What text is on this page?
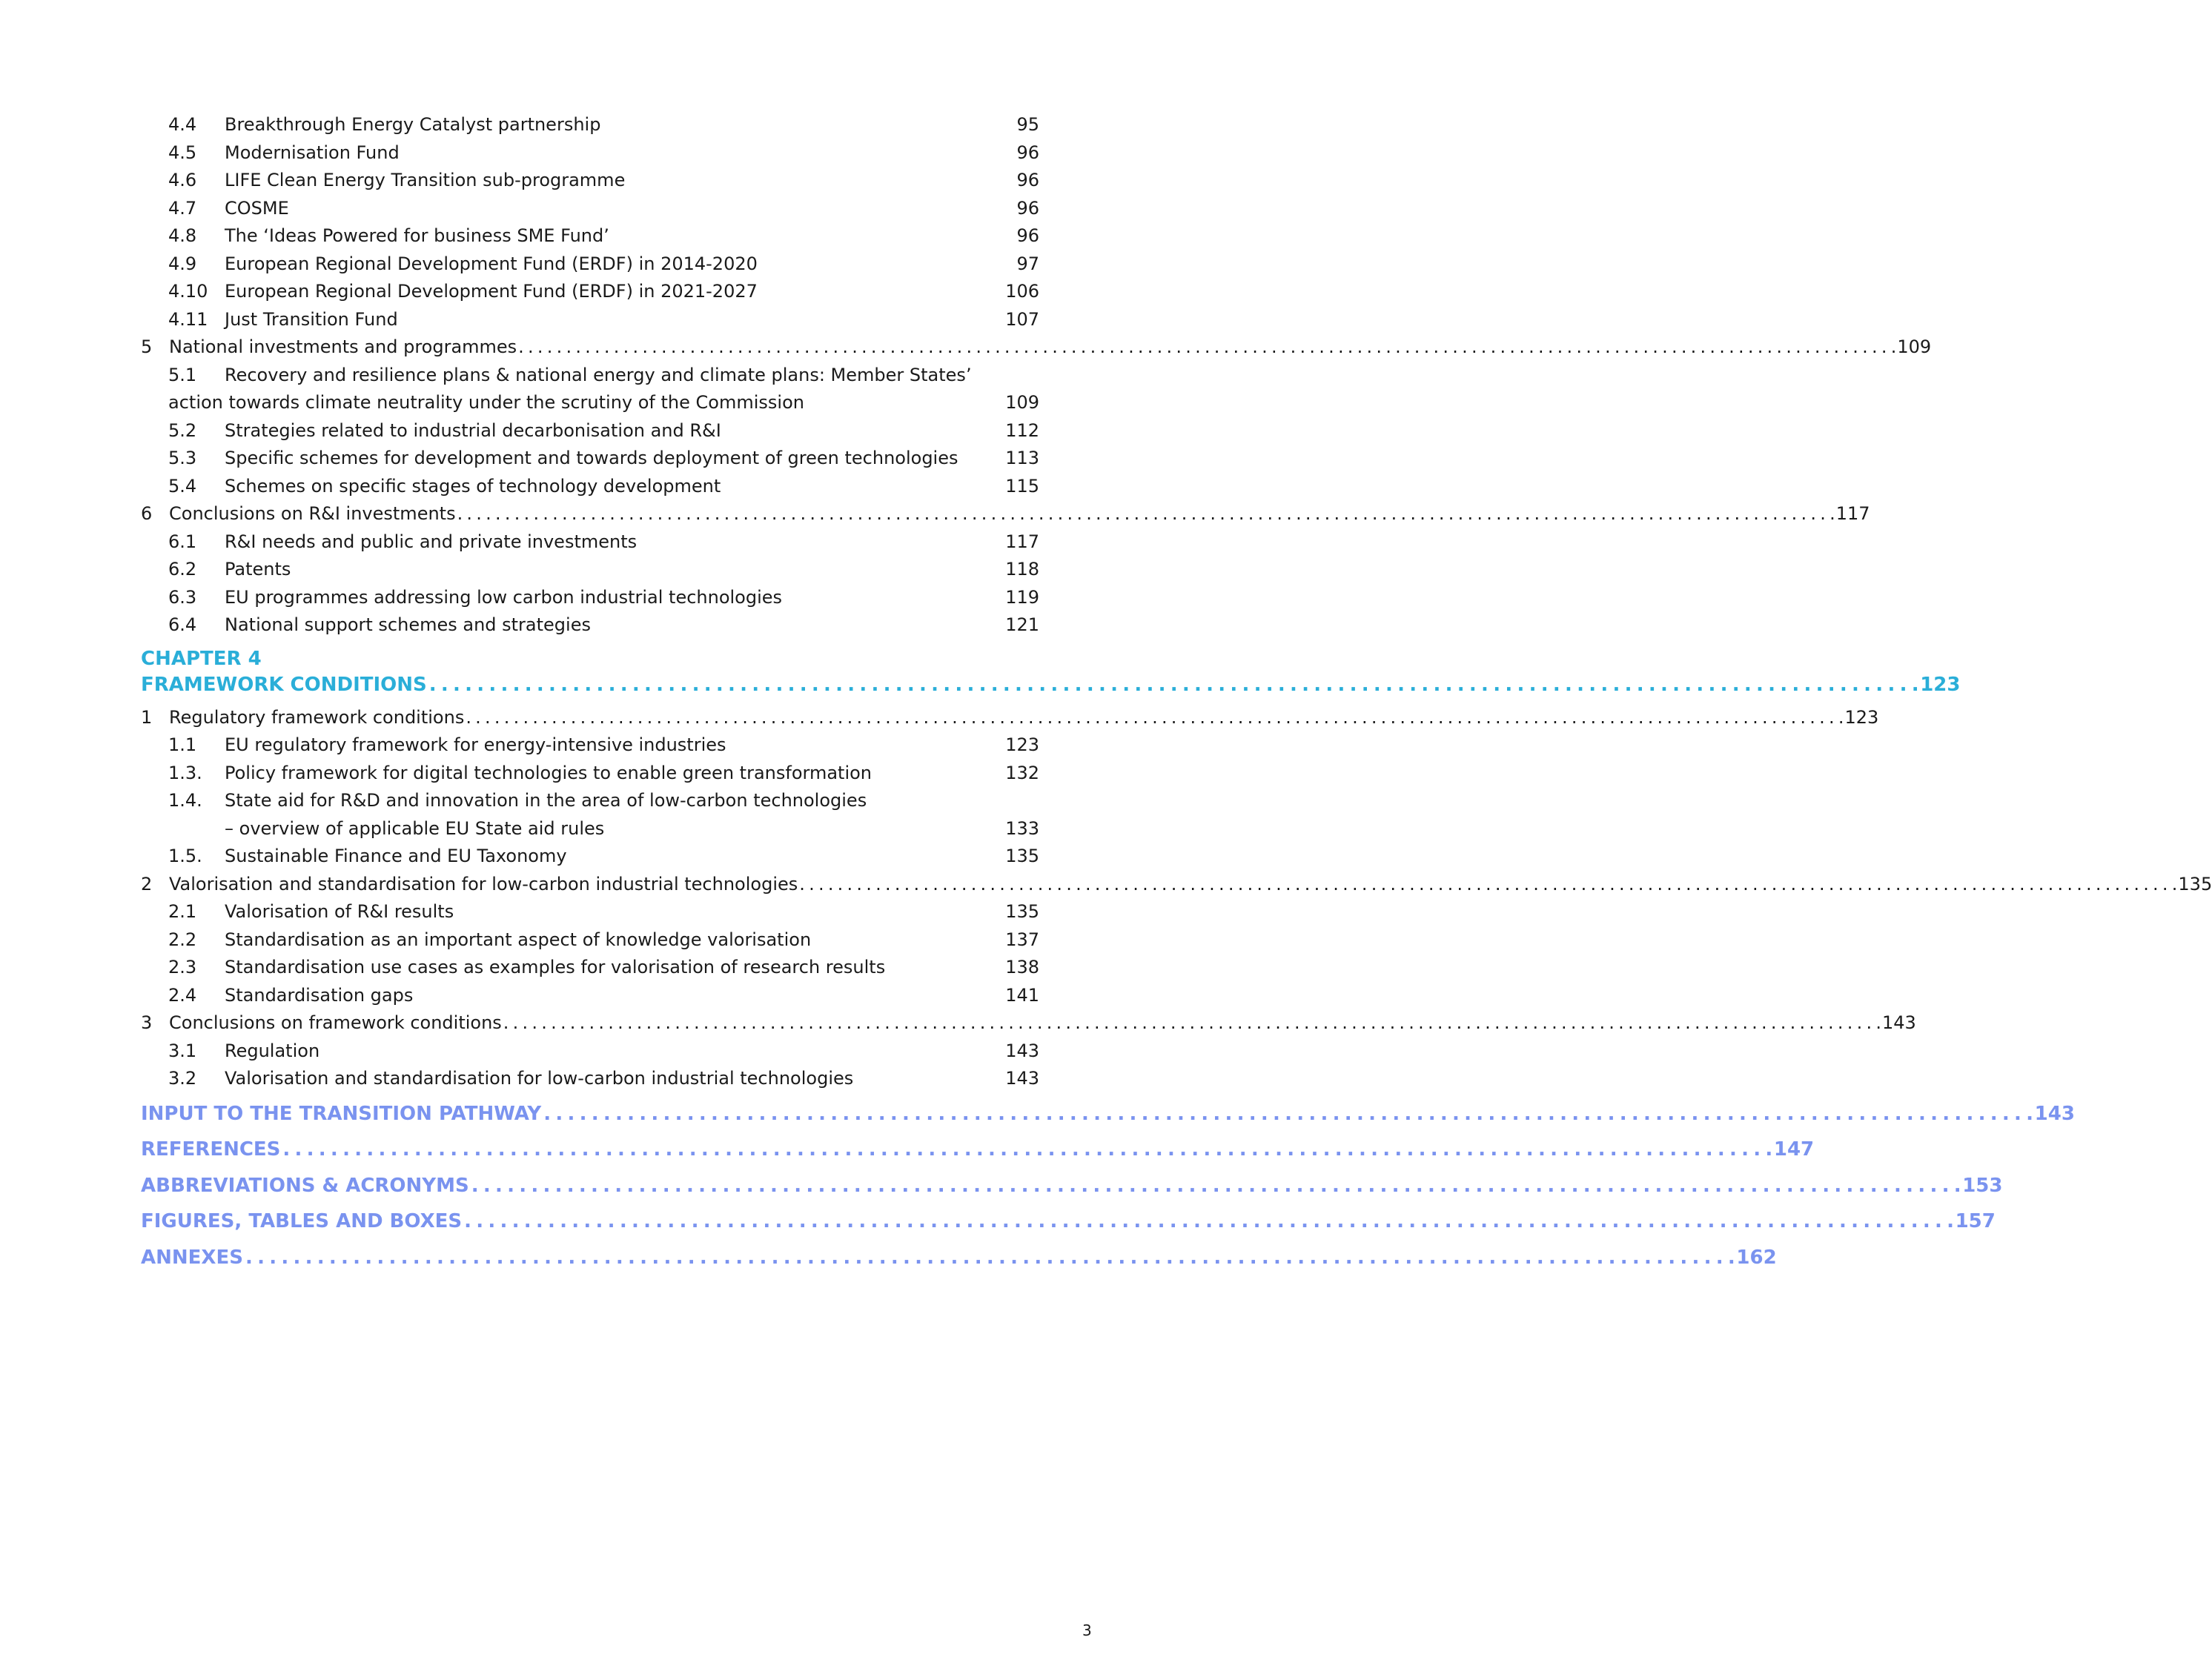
4.4	Breakthrough Energy Catalyst partnership	95
4.5	Modernisation Fund	96
4.6	LIFE Clean Energy Transition sub-programme	96
4.7	COSME	96
4.8	The ‘Ideas Powered for business SME Fund’	96
4.9	European Regional Development Fund (ERDF) in 2014-2020	97
4.10 European Regional Development Fund (ERDF) in 2021-2027	106
4.11 Just Transition Fund	107
5 National investments and programmes . . .	109
5.1	Recovery and resilience plans & national energy and climate plans: Member States’
action towards climate neutrality under the scrutiny of the Commission	109
5.2	Strategies related to industrial decarbonisation and R&I	112
5.3	Specific schemes for development and towards deployment of green technologies	113
5.4	Schemes on specific stages of technology development	115
6 Conclusions on R&I investments . . .	117
6.1	R&I needs and public and private investments	117
6.2	Patents	118
6.3	EU programmes addressing low carbon industrial technologies	119
6.4	National support schemes and strategies	121
CHAPTER 4
FRAMEWORK CONDITIONS . . .	123
1 Regulatory framework conditions . . .	123
1.1	EU regulatory framework for energy-intensive industries	123
1.3.	Policy framework for digital technologies to enable green transformation	132
1.4.	State aid for R&D and innovation in the area of low-carbon technologies
– overview of applicable EU State aid rules	133
1.5.	Sustainable Finance and EU Taxonomy	135
2 Valorisation and standardisation for low-carbon industrial technologies . . .	135
2.1	Valorisation of R&I results	135
2.2	Standardisation as an important aspect of knowledge valorisation	137
2.3	Standardisation use cases as examples for valorisation of research results	138
2.4	Standardisation gaps	141
3 Conclusions on framework conditions . . .	143
3.1	Regulation	143
3.2	Valorisation and standardisation for low-carbon industrial technologies	143
INPUT TO THE TRANSITION PATHWAY . . .	143
REFERENCES . . .	147
ABBREVIATIONS & ACRONYMS . . .	153
FIGURES, TABLES AND BOXES . . .	157
ANNEXES . . .	162
3
